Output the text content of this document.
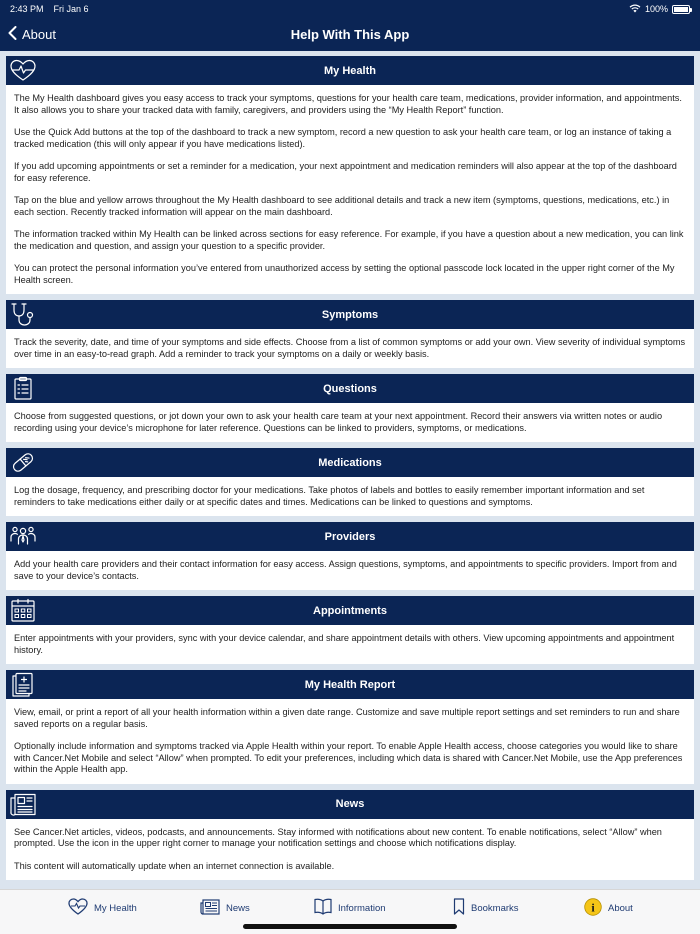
2:43 PM Fri Jan 6	100%
About	Help With This App
My Health

The My Health dashboard gives you easy access to track your symptoms, questions for your health care team, medications, provider information, and appointments. It also allows you to share your tracked data with family, caregivers, and providers using the “My Health Report” function.

Use the Quick Add buttons at the top of the dashboard to track a new symptom, record a new question to ask your health care team, or log an instance of taking a tracked medication (this will only appear if you have medications listed).

If you add upcoming appointments or set a reminder for a medication, your next appointment and medication reminders will also appear at the top of the dashboard for easy reference.

Tap on the blue and yellow arrows throughout the My Health dashboard to see additional details and track a new item (symptoms, questions, medications, etc.) in each section. Recently tracked information will appear on the main dashboard.

The information tracked within My Health can be linked across sections for easy reference. For example, if you have a question about a new medication, you can link the medication and question, and assign your question to a specific provider.

You can protect the personal information you’ve entered from unauthorized access by setting the optional passcode lock located in the upper right corner of the My Health screen.

Symptoms

Track the severity, date, and time of your symptoms and side effects. Choose from a list of common symptoms or add your own. View severity of individual symptoms over time in an easy-to-read graph. Add a reminder to track your symptoms on a daily or weekly basis.

Questions

Choose from suggested questions, or jot down your own to ask your health care team at your next appointment. Record their answers via written notes or audio recording using your device’s microphone for later reference. Questions can be linked to providers, symptoms, or medications.

Medications

Log the dosage, frequency, and prescribing doctor for your medications. Take photos of labels and bottles to easily remember important information and set reminders to take medications either daily or at specific dates and times. Medications can be linked to questions and symptoms.

Providers

Add your health care providers and their contact information for easy access. Assign questions, symptoms, and appointments to specific providers. Import from and save to your device’s contacts.

Appointments

Enter appointments with your providers, sync with your device calendar, and share appointment details with others. View upcoming appointments and appointment history.

My Health Report

View, email, or print a report of all your health information within a given date range. Customize and save multiple report settings and set reminders to run and share saved reports on a regular basis.

Optionally include information and symptoms tracked via Apple Health within your report. To enable Apple Health access, choose categories you would like to share with Cancer.Net Mobile and select “Allow” when prompted. To edit your preferences, including which data is shared with Cancer.Net Mobile, use the App preferences within the Apple Health app.

News

See Cancer.Net articles, videos, podcasts, and announcements. Stay informed with notifications about new content. To enable notifications, select “Allow” when prompted. Use the icon in the upper right corner to manage your notification settings and choose which notifications display.

This content will automatically update when an internet connection is available.

My Health	News	Information	Bookmarks	i About
